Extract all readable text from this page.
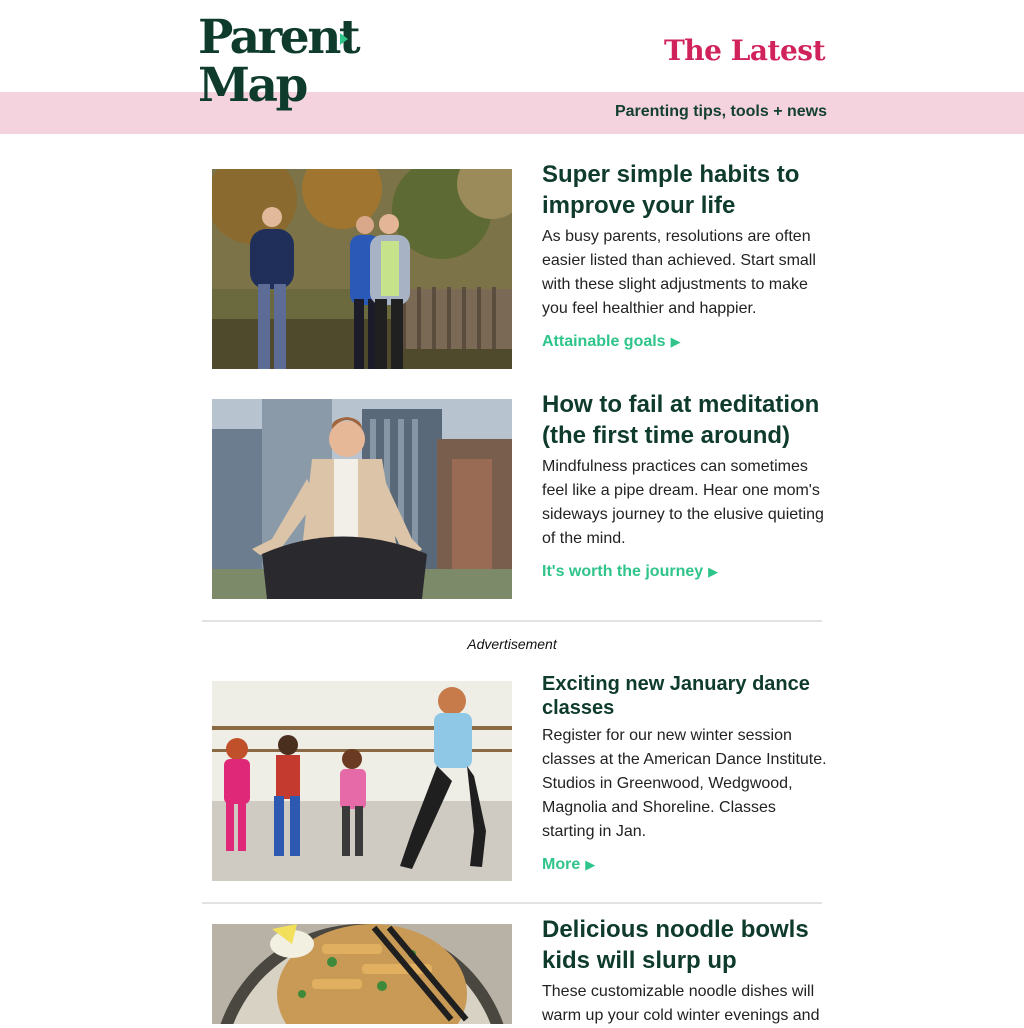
Parent
Map
The Latest
Parenting tips, tools + news
Super simple habits to improve your life

As busy parents, resolutions are often easier listed than achieved. Start small with these slight adjustments to make you feel healthier and happier.

Attainable goals ▶
How to fail at meditation (the first time around)

Mindfulness practices can sometimes feel like a pipe dream. Hear one mom's sideways journey to the elusive quieting of the mind.

It's worth the journey ▶
Advertisement
Exciting new January dance classes

Register for our new winter session classes at the American Dance Institute. Studios in Greenwood, Wedgwood, Magnolia and Shoreline. Classes starting in Jan.

More ▶
Delicious noodle bowls kids will slurp up

These customizable noodle dishes will warm up your cold winter evenings and
